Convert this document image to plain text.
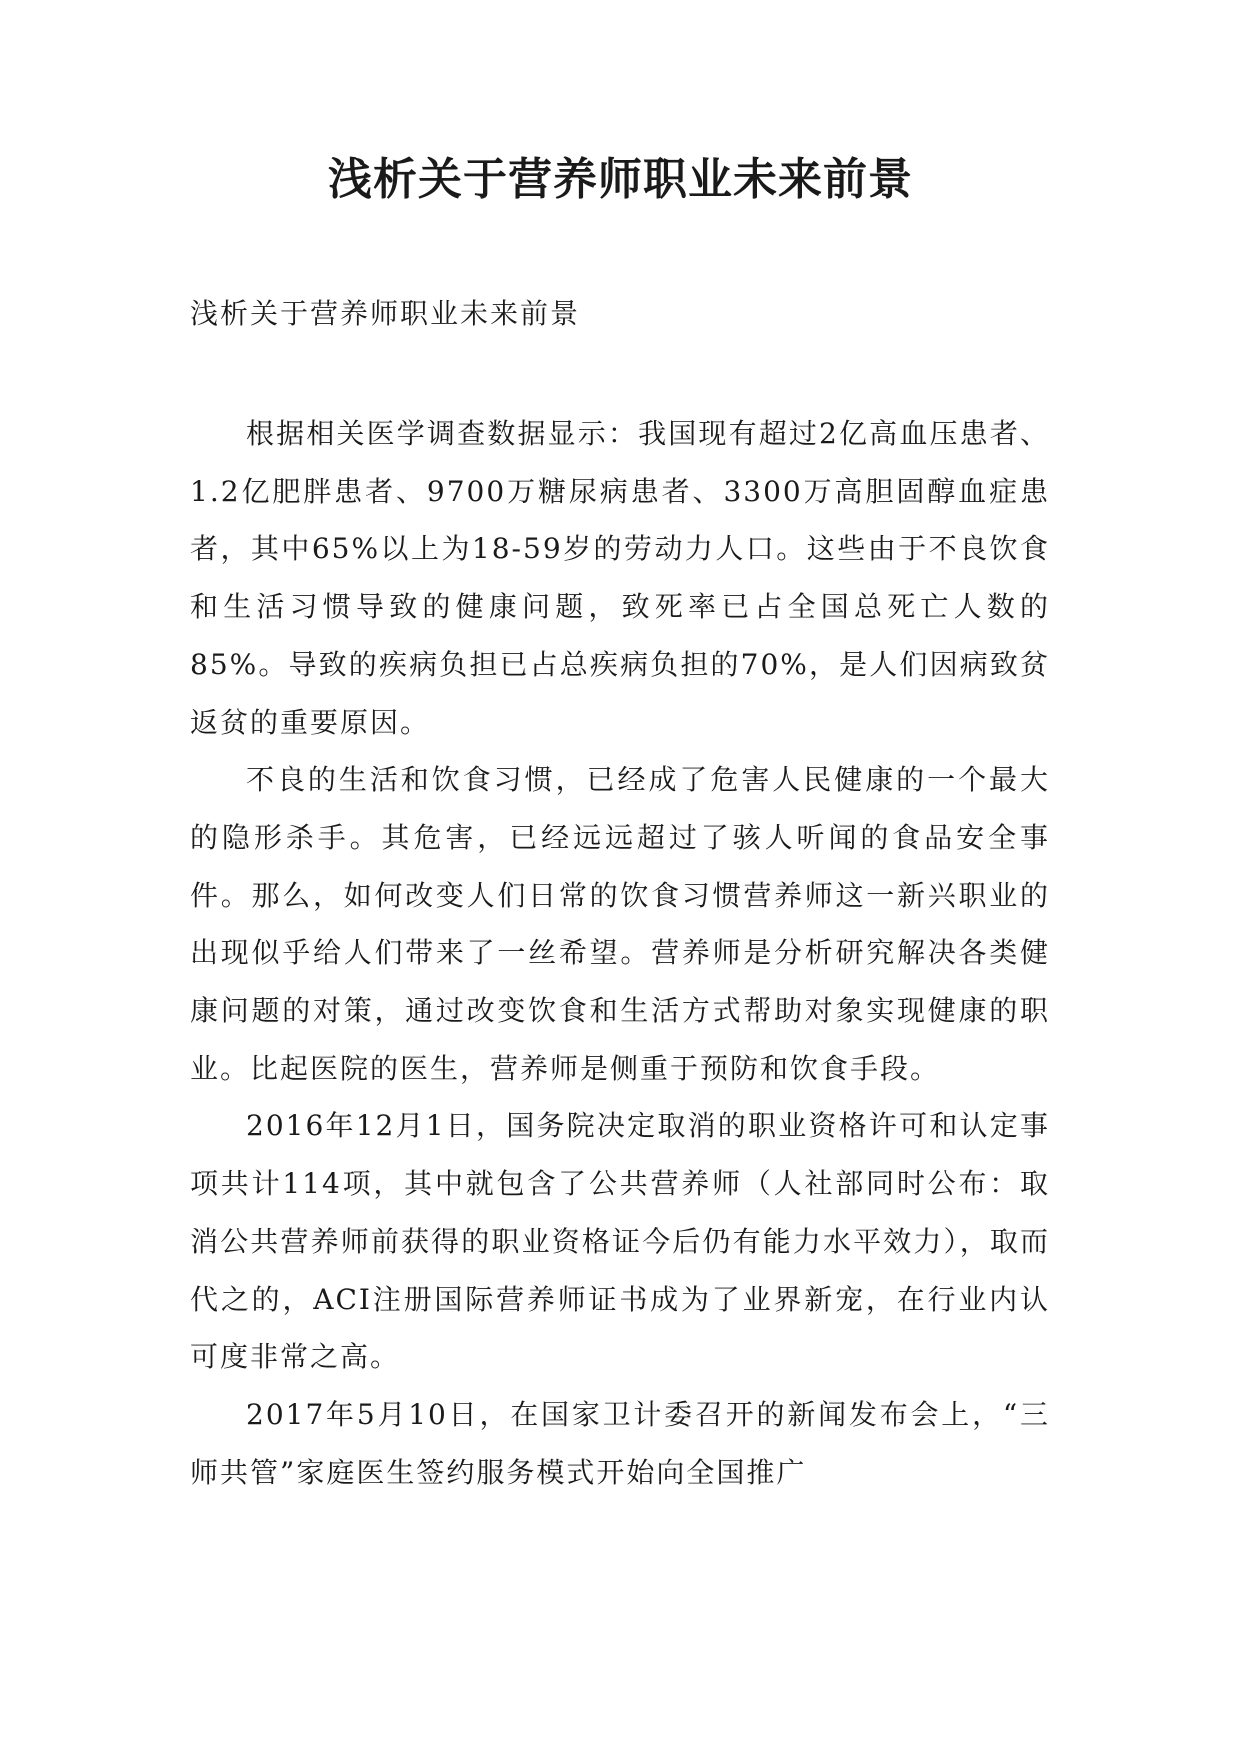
浅析关于营养师职业未来前景

浅析关于营养师职业未来前景

根据相关医学调查数据显示：我国现有超过2亿高血压患者、1.2亿肥胖患者、9700万糖尿病患者、3300万高胆固醇血症患者，其中65%以上为18-59岁的劳动力人口。这些由于不良饮食和生活习惯导致的健康问题，致死率已占全国总死亡人数的85%。导致的疾病负担已占总疾病负担的70%，是人们因病致贫返贫的重要原因。

不良的生活和饮食习惯，已经成了危害人民健康的一个最大的隐形杀手。其危害，已经远远超过了骇人听闻的食品安全事件。那么，如何改变人们日常的饮食习惯营养师这一新兴职业的出现似乎给人们带来了一丝希望。营养师是分析研究解决各类健康问题的对策，通过改变饮食和生活方式帮助对象实现健康的职业。比起医院的医生，营养师是侧重于预防和饮食手段。

2016年12月1日，国务院决定取消的职业资格许可和认定事项共计114项，其中就包含了公共营养师（人社部同时公布：取消公共营养师前获得的职业资格证今后仍有能力水平效力），取而代之的，ACI注册国际营养师证书成为了业界新宠，在行业内认可度非常之高。

2017年5月10日，在国家卫计委召开的新闻发布会上，“三师共管”家庭医生签约服务模式开始向全国推广
